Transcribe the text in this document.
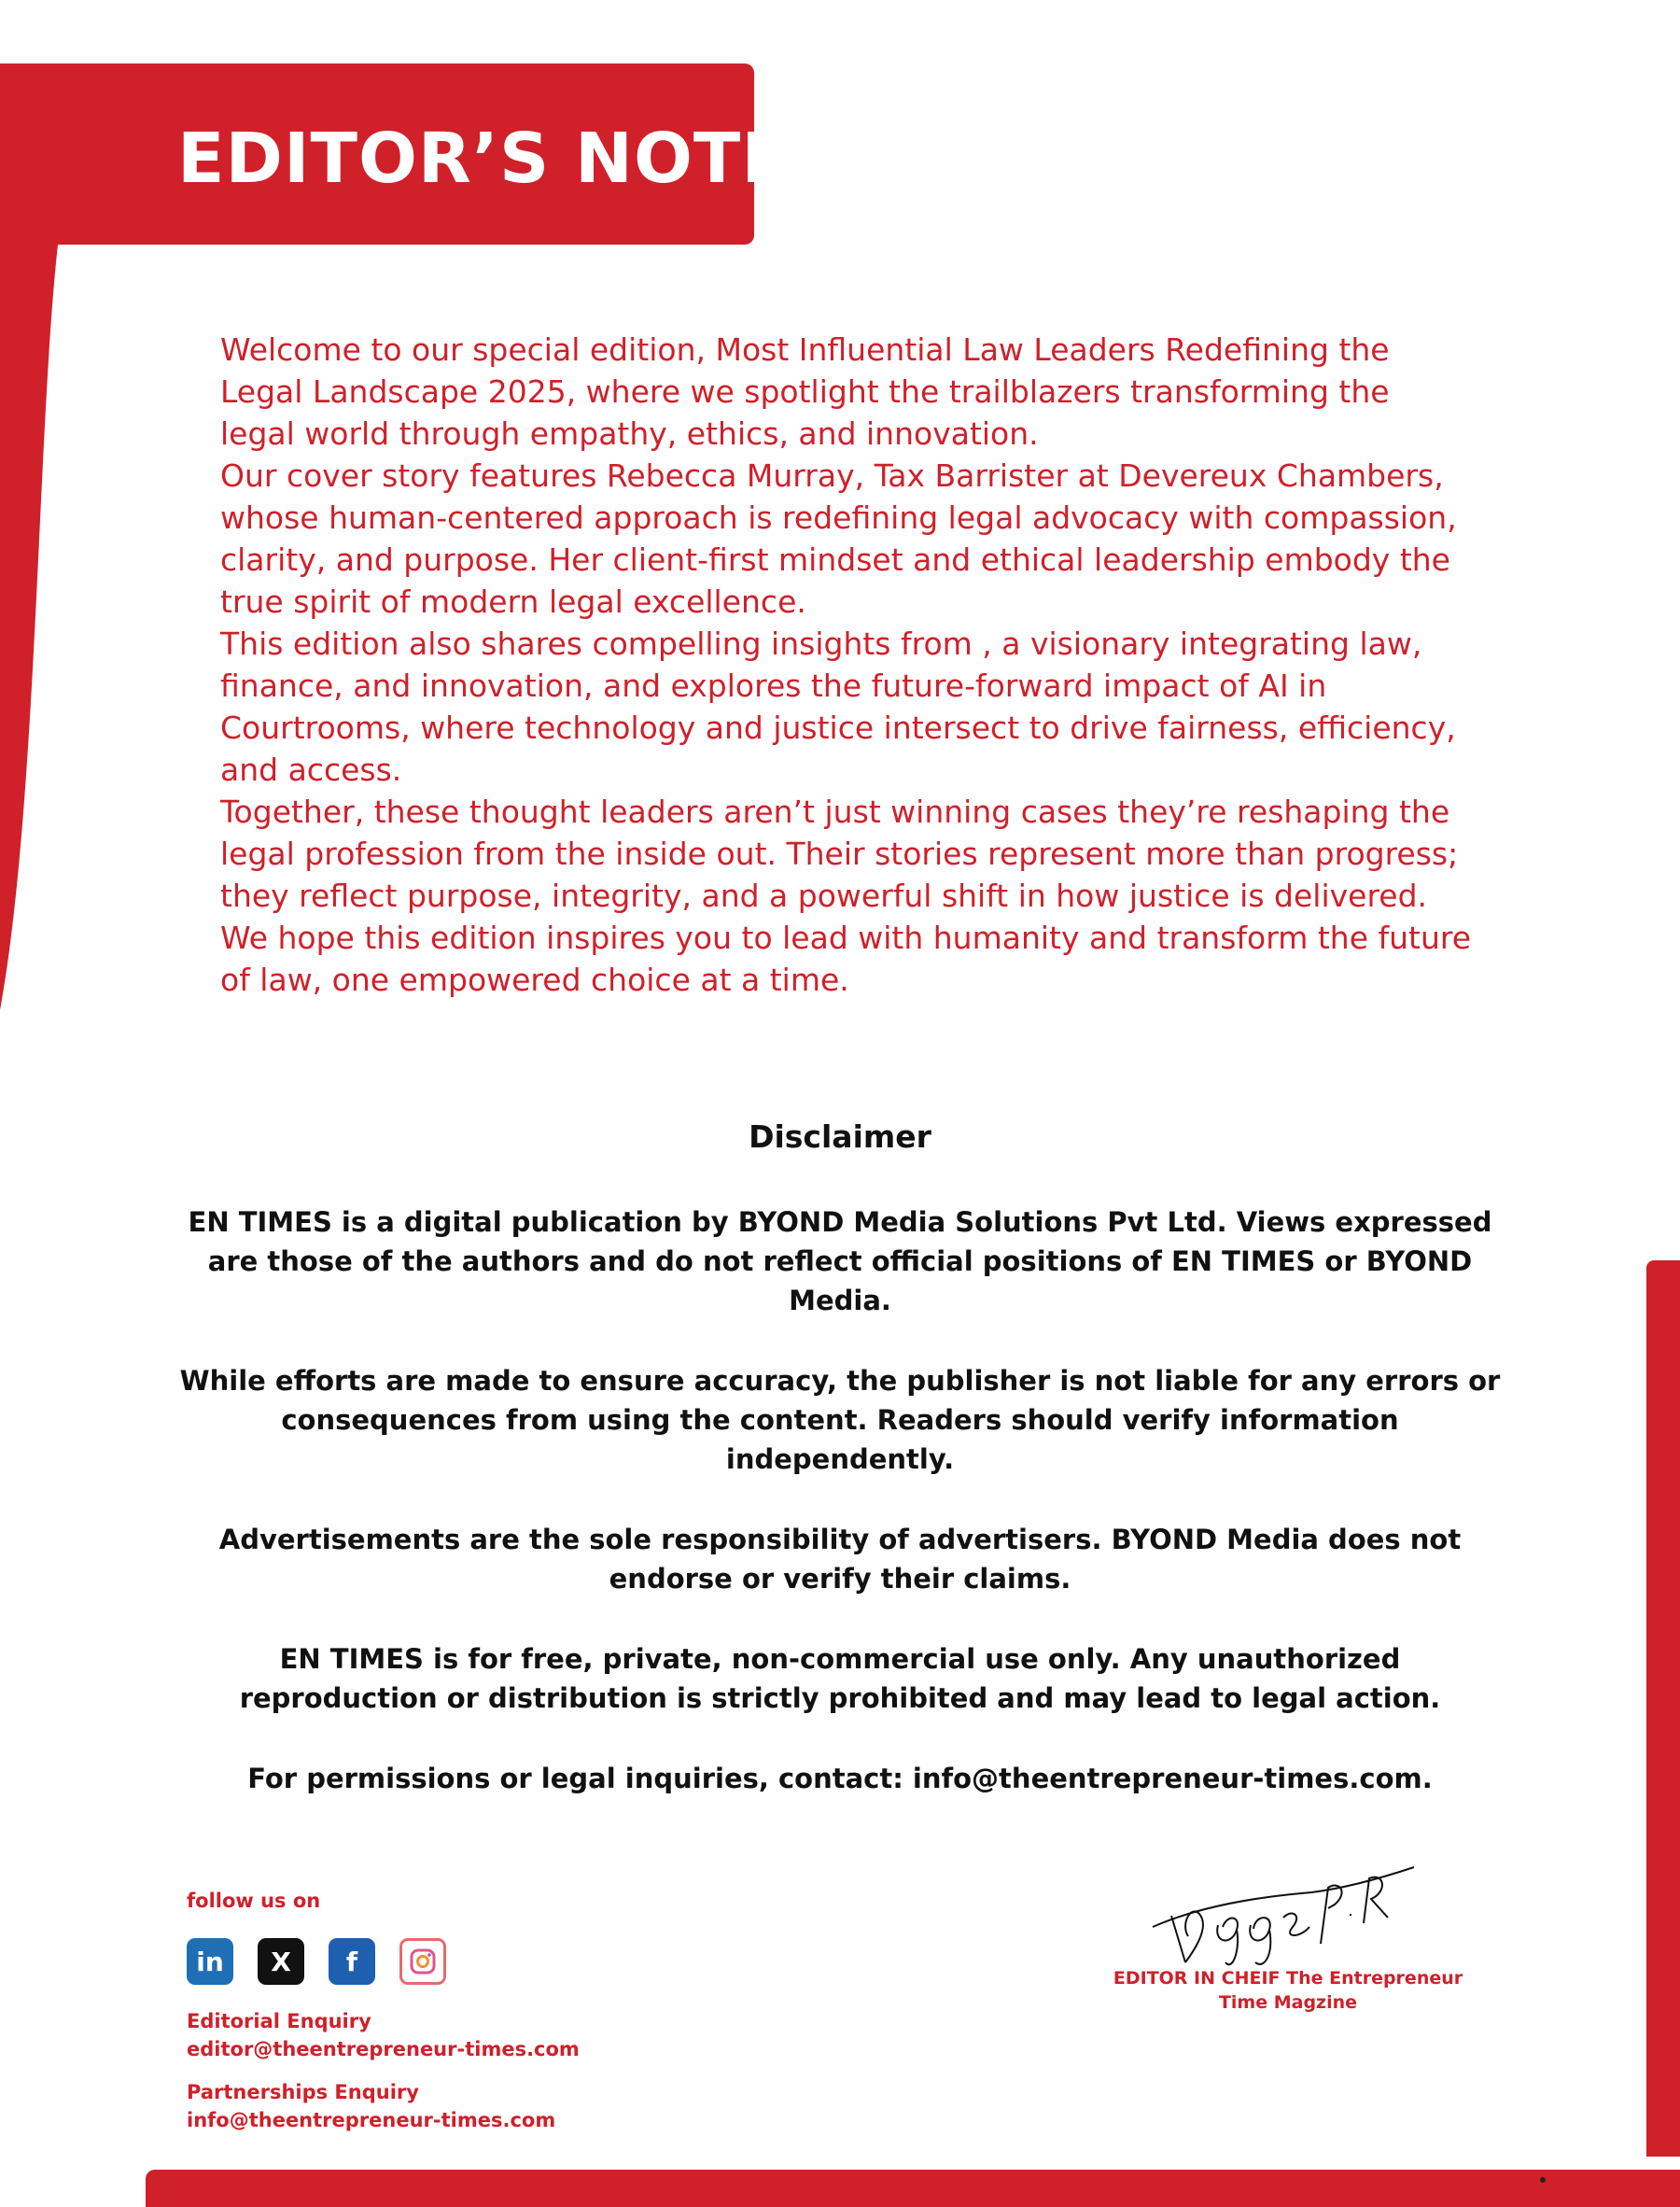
EDITOR’S NOTE

Welcome to our special edition, Most Influential Law Leaders Redefining the Legal Landscape 2025, where we spotlight the trailblazers transforming the legal world through empathy, ethics, and innovation.

Our cover story features Rebecca Murray, Tax Barrister at Devereux Chambers, whose human-centered approach is redefining legal advocacy with compassion, clarity, and purpose. Her client-first mindset and ethical leadership embody the true spirit of modern legal excellence.

This edition also shares compelling insights from , a visionary integrating law, finance, and innovation, and explores the future-forward impact of AI in Courtrooms, where technology and justice intersect to drive fairness, efficiency, and access.

Together, these thought leaders aren’t just winning cases they’re reshaping the legal profession from the inside out. Their stories represent more than progress; they reflect purpose, integrity, and a powerful shift in how justice is delivered.

We hope this edition inspires you to lead with humanity and transform the future of law, one empowered choice at a time.

Disclaimer

EN TIMES is a digital publication by BYOND Media Solutions Pvt Ltd. Views expressed are those of the authors and do not reflect official positions of EN TIMES or BYOND Media.

While efforts are made to ensure accuracy, the publisher is not liable for any errors or consequences from using the content. Readers should verify information independently.

Advertisements are the sole responsibility of advertisers. BYOND Media does not endorse or verify their claims.

EN TIMES is for free, private, non-commercial use only. Any unauthorized reproduction or distribution is strictly prohibited and may lead to legal action.

For permissions or legal inquiries, contact: info@theentrepreneur-times.com.

follow us on
in X f
Editorial Enquiry
editor@theentrepreneur-times.com
Partnerships Enquiry
info@theentrepreneur-times.com
EDITOR IN CHEIF The Entrepreneur
Time Magzine
